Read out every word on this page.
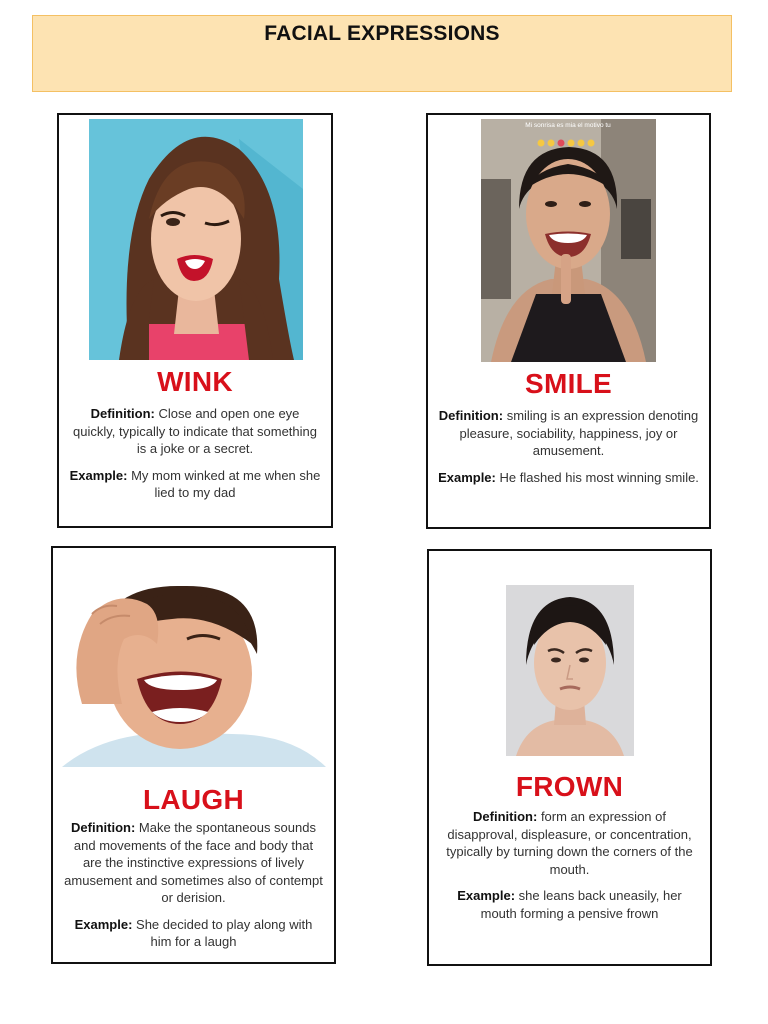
FACIAL EXPRESSIONS
WINK

Definition: Close and open one eye quickly, typically to indicate that something is a joke or a secret.

Example: My mom winked at me when she lied to my dad

Mi sonrisa es mia el motivo tu
SMILE

Definition: smiling is an expression denoting pleasure, sociability, happiness, joy or amusement.

Example: He flashed his most winning smile.

LAUGH

Definition: Make the spontaneous sounds and movements of the face and body that are the instinctive expressions of lively amusement and sometimes also of contempt or derision.

Example: She decided to play along with him for a laugh

FROWN

Definition: form an expression of disapproval, displeasure, or concentration, typically by turning down the corners of the mouth.

Example: she leans back uneasily, her mouth forming a pensive frown
